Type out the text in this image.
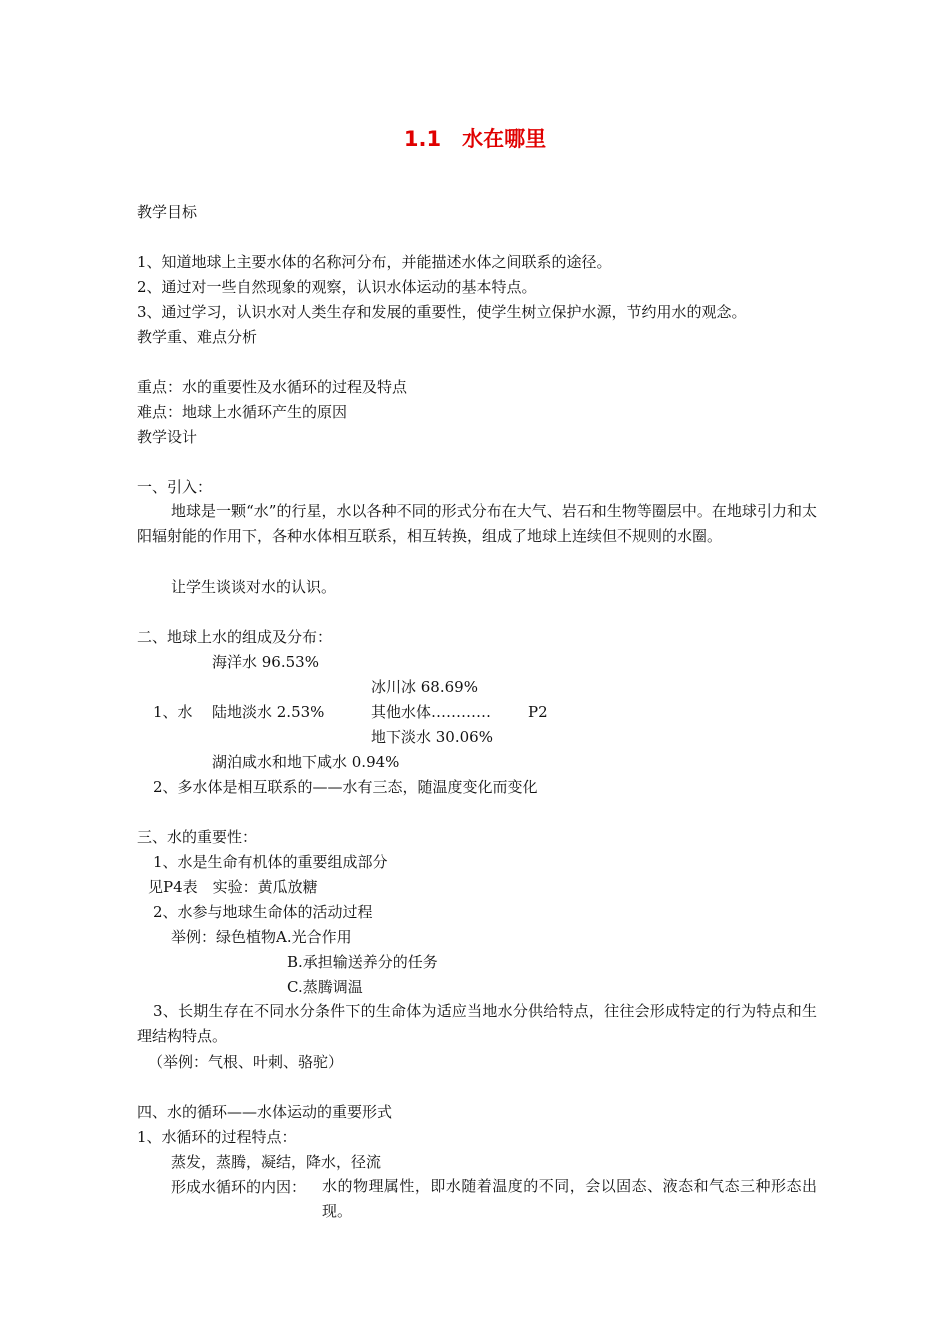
1.1　水在哪里
教学目标
1、知道地球上主要水体的名称河分布，并能描述水体之间联系的途径。
2、通过对一些自然现象的观察，认识水体运动的基本特点。
3、通过学习，认识水对人类生存和发展的重要性，使学生树立保护水源，节约用水的观念。
教学重、难点分析
重点：水的重要性及水循环的过程及特点
难点：地球上水循环产生的原因
教学设计
一、引入：
地球是一颗“水”的行星，水以各种不同的形式分布在大气、岩石和生物等圈层中。在地球引力和太阳辐射能的作用下，各种水体相互联系，相互转换，组成了地球上连续但不规则的水圈。
让学生谈谈对水的认识。
二、地球上水的组成及分布：
海洋水 96.53%
冰川冰 68.69%
1、水 陆地淡水 2.53%	其他水体………… P2
地下淡水 30.06%
湖泊咸水和地下咸水 0.94%
2、多水体是相互联系的——水有三态，随温度变化而变化
三、水的重要性：
1、水是生命有机体的重要组成部分
见P4表　实验：黄瓜放糖
2、水参与地球生命体的活动过程
举例：绿色植物A.光合作用
B.承担输送养分的任务
C.蒸腾调温
3、长期生存在不同水分条件下的生命体为适应当地水分供给特点，往往会形成特定的行为特点和生理结构特点。
（举例：气根、叶刺、骆驼）
四、水的循环——水体运动的重要形式
1、水循环的过程特点：
蒸发，蒸腾，凝结，降水，径流
形成水循环的内因： 水的物理属性，即水随着温度的不同，会以固态、液态和气态三种形态出现。
